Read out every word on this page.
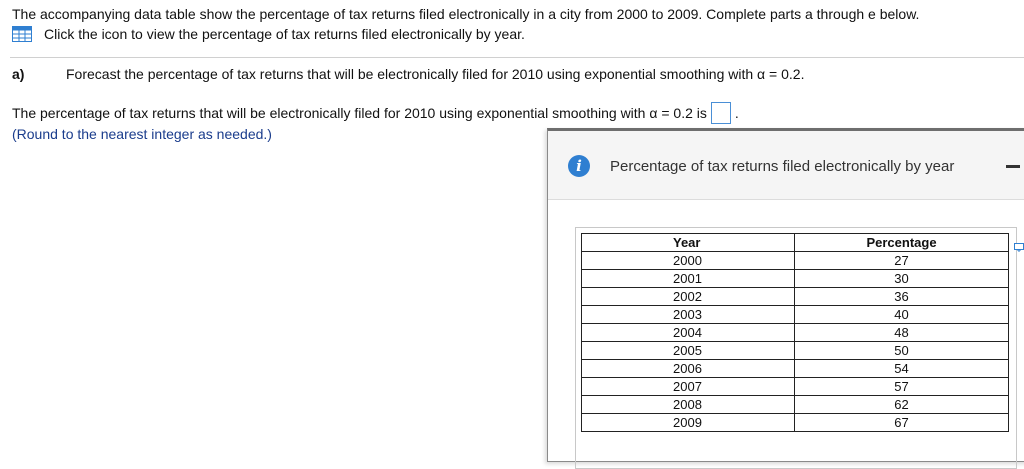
The accompanying data table show the percentage of tax returns filed electronically in a city from 2000 to 2009. Complete parts a through e below.
Click the icon to view the percentage of tax returns filed electronically by year.
a)	Forecast the percentage of tax returns that will be electronically filed for 2010 using exponential smoothing with α = 0.2.
The percentage of tax returns that will be electronically filed for 2010 using exponential smoothing with α = 0.2 is .
(Round to the nearest integer as needed.)
i	Percentage of tax returns filed electronically by year
Year	Percentage

2000	27

2001	30

2002	36

2003	40

2004	48

2005	50

2006	54

2007	57

2008	62

2009	67
